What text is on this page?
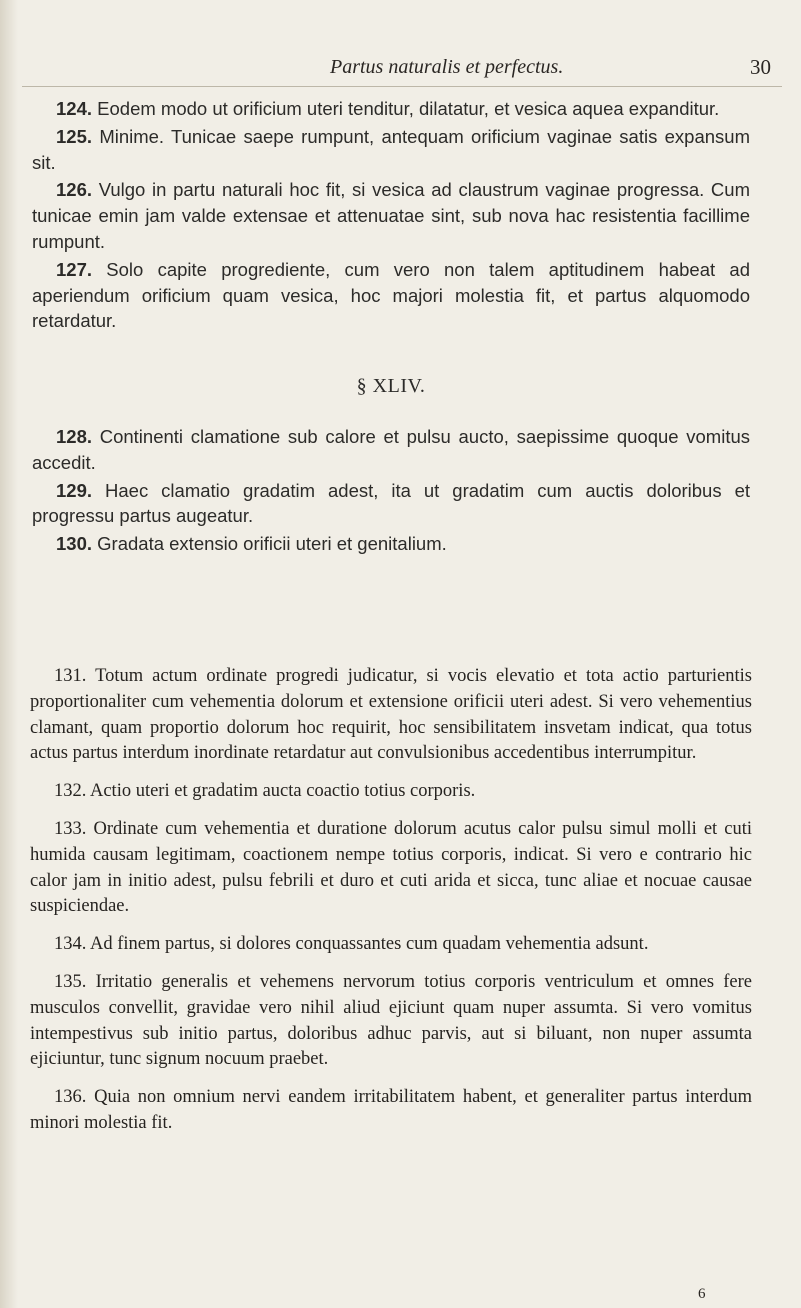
Partus naturalis et perfectus.	30

124. Eodem modo ut orificium uteri tenditur, dilatatur, et vesica aquea expanditur.

125. Minime. Tunicae saepe rumpunt, antequam orificium vaginae satis expansum sit.

126. Vulgo in partu naturali hoc fit, si vesica ad claustrum vaginae progressa. Cum tunicae emin jam valde extensae et attenuatae sint, sub nova hac resistentia facillime rumpunt.

127. Solo capite progrediente, cum vero non talem aptitudinem habeat ad aperiendum orificium quam vesica, hoc majori molestia fit, et partus alquomodo retardatur.

§ XLIV.

128. Continenti clamatione sub calore et pulsu aucto, saepissime quoque vomitus accedit.

129. Haec clamatio gradatim adest, ita ut gradatim cum auctis doloribus et progressu partus augeatur.

130. Gradata extensio orificii uteri et genitalium.

131. Totum actum ordinate progredi judicatur, si vocis elevatio et tota actio parturientis proportionaliter cum vehementia dolorum et extensione orificii uteri adest. Si vero vehementius clamant, quam proportio dolorum hoc requirit, hoc sensibilitatem insvetam indicat, qua totus actus partus interdum inordinate retardatur aut convulsionibus accedentibus interrumpitur.

132. Actio uteri et gradatim aucta coactio totius corporis.

133. Ordinate cum vehementia et duratione dolorum acutus calor pulsu simul molli et cuti humida causam legitimam, coactionem nempe totius corporis, indicat. Si vero e contrario hic calor jam in initio adest, pulsu febrili et duro et cuti arida et sicca, tunc aliae et nocuae causae suspiciendae.

134. Ad finem partus, si dolores conquassantes cum quadam vehementia adsunt.

135. Irritatio generalis et vehemens nervorum totius corporis ventriculum et omnes fere musculos convellit, gravidae vero nihil aliud ejiciunt quam nuper assumta. Si vero vomitus intempestivus sub initio partus, doloribus adhuc parvis, aut si biluant, non nuper assumta ejiciuntur, tunc signum nocuum praebet.

136. Quia non omnium nervi eandem irritabilitatem habent, et generaliter partus interdum minori molestia fit.

6
